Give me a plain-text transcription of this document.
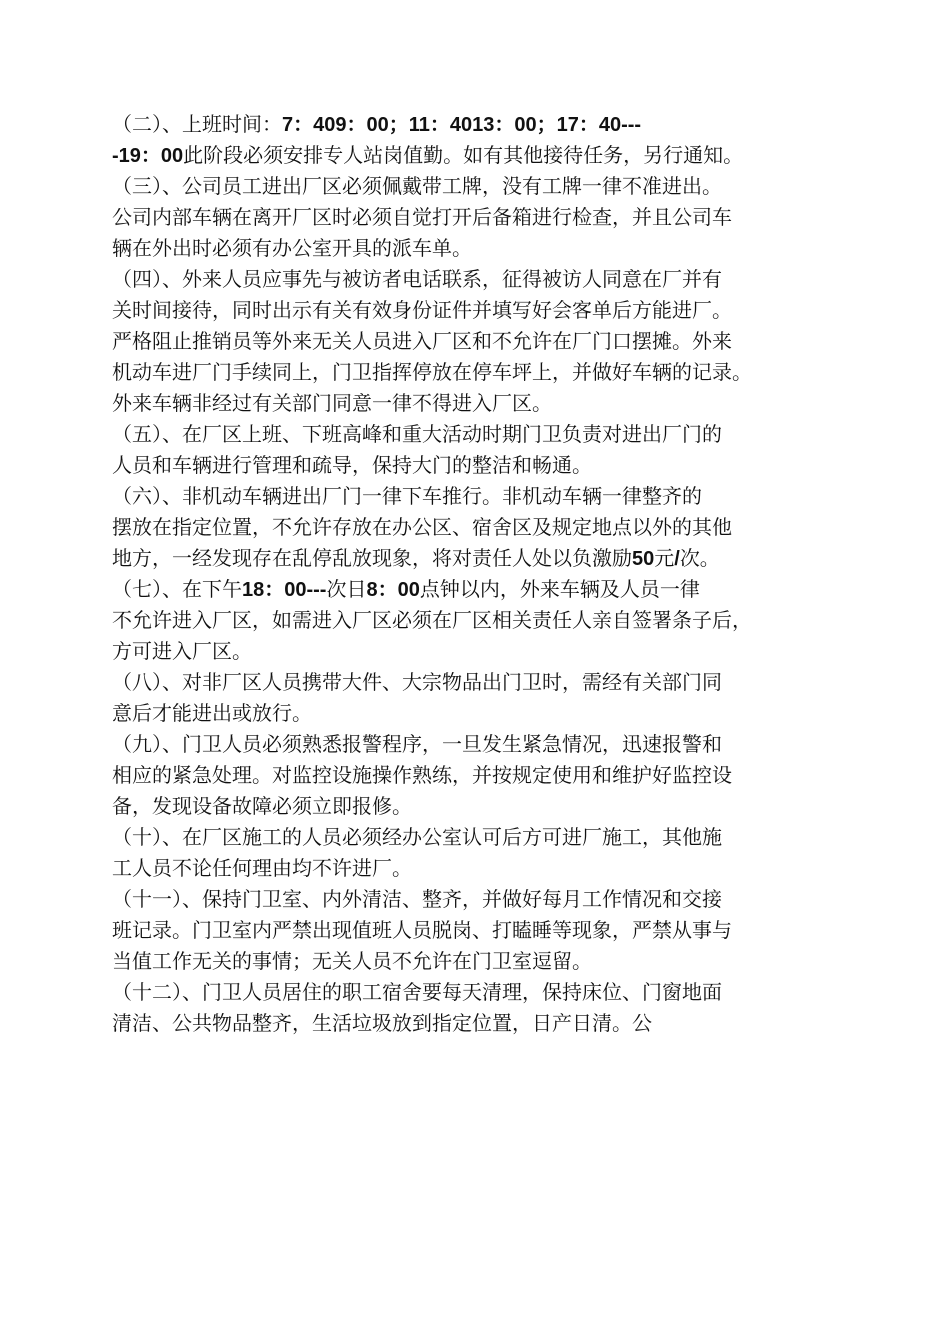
（二）、上班时间：7：409：00；11：4013：00；17：40---
-19：00此阶段必须安排专人站岗值勤。如有其他接待任务，另行通知。
（三）、公司员工进出厂区必须佩戴带工牌，没有工牌一律不准进出。
公司内部车辆在离开厂区时必须自觉打开后备箱进行检查，并且公司车
辆在外出时必须有办公室开具的派车单。
（四）、外来人员应事先与被访者电话联系，征得被访人同意在厂并有
关时间接待，同时出示有关有效身份证件并填写好会客单后方能进厂。
严格阻止推销员等外来无关人员进入厂区和不允许在厂门口摆摊。外来
机动车进厂门手续同上，门卫指挥停放在停车坪上，并做好车辆的记录。
外来车辆非经过有关部门同意一律不得进入厂区。
（五）、在厂区上班、下班高峰和重大活动时期门卫负责对进出厂门的
人员和车辆进行管理和疏导，保持大门的整洁和畅通。
（六）、非机动车辆进出厂门一律下车推行。非机动车辆一律整齐的
摆放在指定位置，不允许存放在办公区、宿舍区及规定地点以外的其他
地方，一经发现存在乱停乱放现象，将对责任人处以负激励50元/次。
（七）、在下午18：00---次日8：00点钟以内，外来车辆及人员一律
不允许进入厂区，如需进入厂区必须在厂区相关责任人亲自签署条子后，
方可进入厂区。
（八）、对非厂区人员携带大件、大宗物品出门卫时，需经有关部门同
意后才能进出或放行。
（九）、门卫人员必须熟悉报警程序，一旦发生紧急情况，迅速报警和
相应的紧急处理。对监控设施操作熟练，并按规定使用和维护好监控设
备，发现设备故障必须立即报修。
（十）、在厂区施工的人员必须经办公室认可后方可进厂施工，其他施
工人员不论任何理由均不许进厂。
（十一）、保持门卫室、内外清洁、整齐，并做好每月工作情况和交接
班记录。门卫室内严禁出现值班人员脱岗、打瞌睡等现象，严禁从事与
当值工作无关的事情；无关人员不允许在门卫室逗留。
（十二）、门卫人员居住的职工宿舍要每天清理，保持床位、门窗地面
清洁、公共物品整齐，生活垃圾放到指定位置，日产日清。公
